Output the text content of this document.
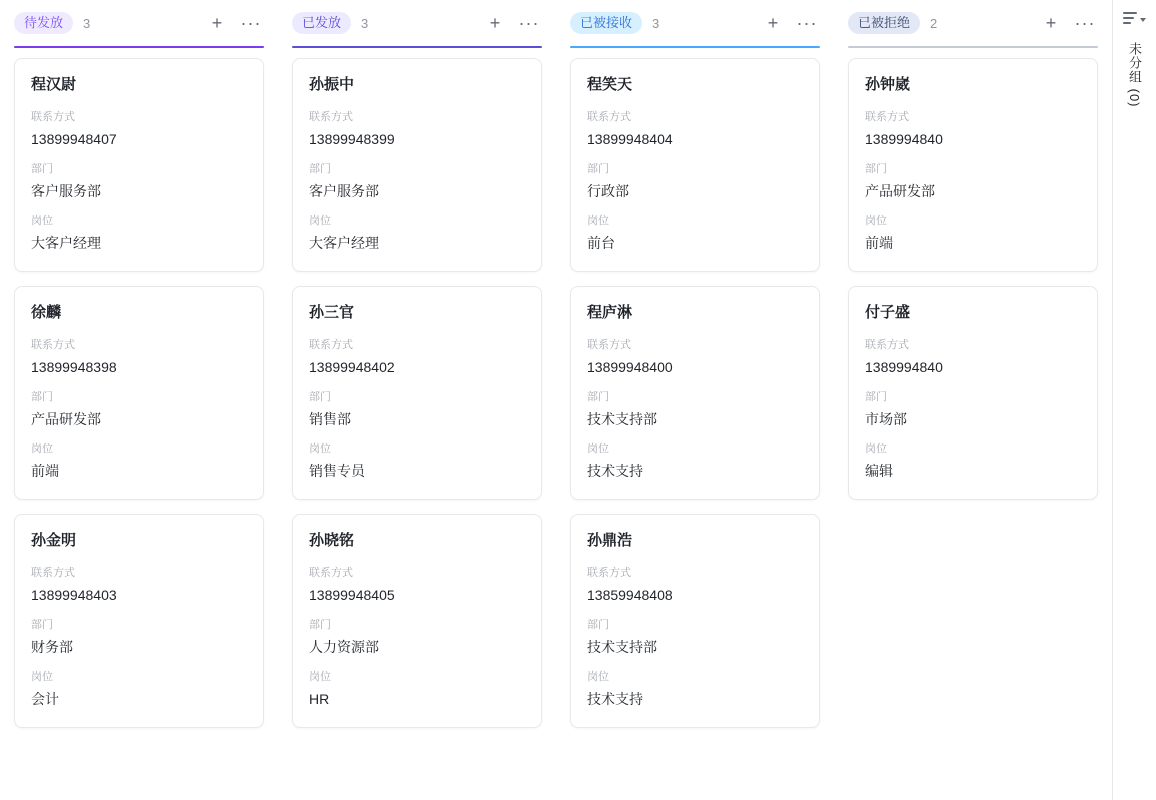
待发放	3	+ ···
程汉尉
联系方式
13899948407
部门
客户服务部
岗位
大客户经理
徐麟
联系方式
13899948398
部门
产品研发部
岗位
前端
孙金明
联系方式
13899948403
部门
财务部
岗位
会计
已发放	3	+ ···
孙振中
联系方式
13899948399
部门
客户服务部
岗位
大客户经理
孙三官
联系方式
13899948402
部门
销售部
岗位
销售专员
孙晓铭
联系方式
13899948405
部门
人力资源部
岗位
HR
已被接收	3	+ ···
程笑天
联系方式
13899948404
部门
行政部
岗位
前台
程庐淋
联系方式
13899948400
部门
技术支持部
岗位
技术支持
孙鼎浩
联系方式
13859948408
部门
技术支持部
岗位
技术支持
已被拒绝	2	+ ···
孙钟崴
联系方式
1389994840
部门
产品研发部
岗位
前端
付子盛
联系方式
1389994840
部门
市场部
岗位
编辑
未分组 (0)
